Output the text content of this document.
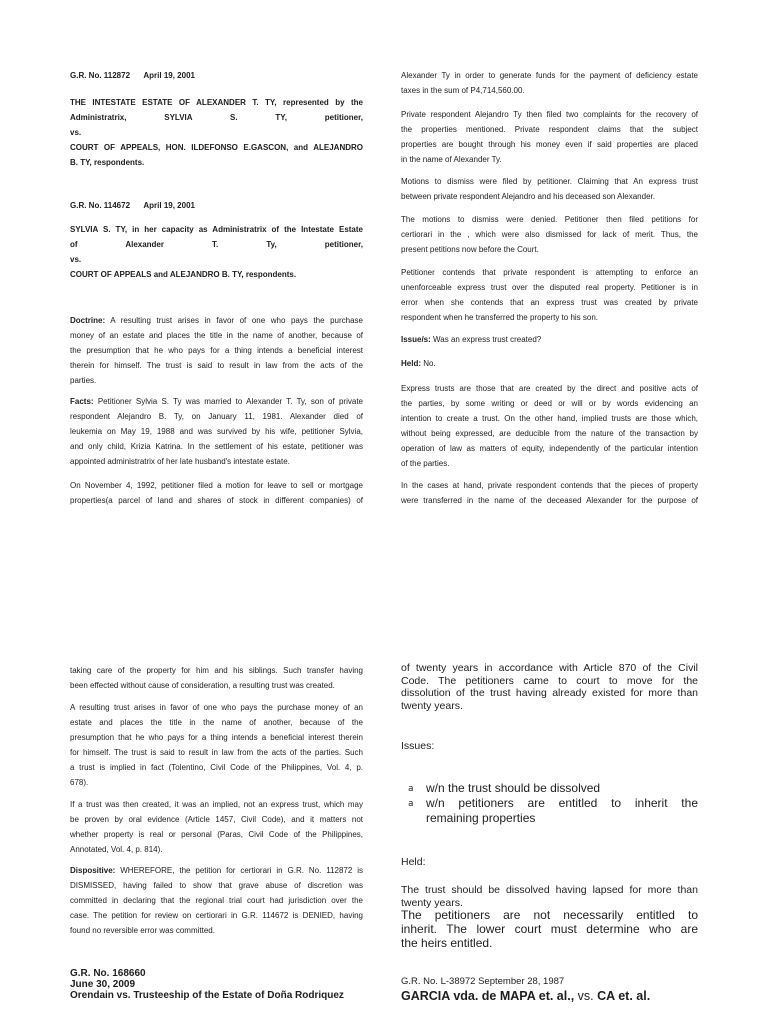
G.R. No. 112872 April 19, 2001
THE INTESTATE ESTATE OF ALEXANDER T. TY, represented by the
Administratrix, SYLVIA S. TY, petitioner,
vs.
COURT OF APPEALS, HON. ILDEFONSO E.GASCON, and ALEJANDRO
B. TY, respondents.
G.R. No. 114672 April 19, 2001
SYLVIA S. TY, in her capacity as Administratrix of the Intestate Estate
of Alexander T. Ty, petitioner,
vs.
COURT OF APPEALS and ALEJANDRO B. TY, respondents.
Doctrine: A resulting trust arises in favor of one who pays the purchase
money of an estate and places the title in the name of another, because of
the presumption that he who pays for a thing intends a beneficial interest
therein for himself. The trust is said to result in law from the acts of the
parties.
Facts: Petitioner Sylvia S. Ty was married to Alexander T. Ty, son of private
respondent Alejandro B. Ty, on January 11, 1981. Alexander died of
leukemia on May 19, 1988 and was survived by his wife, petitioner Sylvia,
and only child, Krizia Katrina. In the settlement of his estate, petitioner was
appointed administratrix of her late husband's intestate estate.
On November 4, 1992, petitioner filed a motion for leave to sell or mortgage
properties(a parcel of land and shares of stock in different companies) of
Alexander Ty in order to generate funds for the payment of deficiency estate
taxes in the sum of P4,714,560.00.
Private respondent Alejandro Ty then filed two complaints for the recovery of
the properties mentioned. Private respondent claims that the subject
properties are bought through his money even if said properties are placed
in the name of Alexander Ty.
Motions to dismiss were filed by petitioner. Claiming that An express trust
between private respondent Alejandro and his deceased son Alexander.
The motions to dismiss were denied. Petitioner then filed petitions for
certiorari in the , which were also dismissed for lack of merit. Thus, the
present petitions now before the Court.
Petitioner contends that private respondent is attempting to enforce an
unenforceable express trust over the disputed real property. Petitioner is in
error when she contends that an express trust was created by private
respondent when he transferred the property to his son.
Issue/s: Was an express trust created?
Held: No.
Express trusts are those that are created by the direct and positive acts of
the parties, by some writing or deed or will or by words evidencing an
intention to create a trust. On the other hand, implied trusts are those which,
without being expressed, are deducible from the nature of the transaction by
operation of law as matters of equity, independently of the particular intention
of the parties.
In the cases at hand, private respondent contends that the pieces of property
were transferred in the name of the deceased Alexander for the purpose of
taking care of the property for him and his siblings. Such transfer having
been effected without cause of consideration, a resulting trust was created.
A resulting trust arises in favor of one who pays the purchase money of an
estate and places the title in the name of another, because of the
presumption that he who pays for a thing intends a beneficial interest therein
for himself. The trust is said to result in law from the acts of the parties. Such
a trust is implied in fact (Tolentino, Civil Code of the Philippines, Vol. 4, p.
678).
If a trust was then created, it was an implied, not an express trust, which may
be proven by oral evidence (Article 1457, Civil Code), and it matters not
whether property is real or personal (Paras, Civil Code of the Philippines,
Annotated, Vol. 4, p. 814).
Dispositive: WHEREFORE, the petition for certiorari in G.R. No. 112872 is
DISMISSED, having failed to show that grave abuse of discretion was
committed in declaring that the regional trial court had jurisdiction over the
case. The petition for review on certiorari in G.R. 114672 is DENIED, having
found no reversible error was committed.
G.R. No. 168660
June 30, 2009
Orendain vs. Trusteeship of the Estate of Doña Rodriquez
of twenty years in accordance with Article 870 of the Civil
Code. The petitioners came to court to move for the
dissolution of the trust having already existed for more than
twenty years.
Issues:
a w/n the trust should be dissolved
a w/n petitioners are entitled to inherit the
remaining properties
Held:
The trust should be dissolved having lapsed for more than
twenty years.
The petitioners are not necessarily entitled to
inherit. The lower court must determine who are
the heirs entitled.
G.R. No. L-38972 September 28, 1987
GARCIA vda. de MAPA et. al., vs. CA et. al.
